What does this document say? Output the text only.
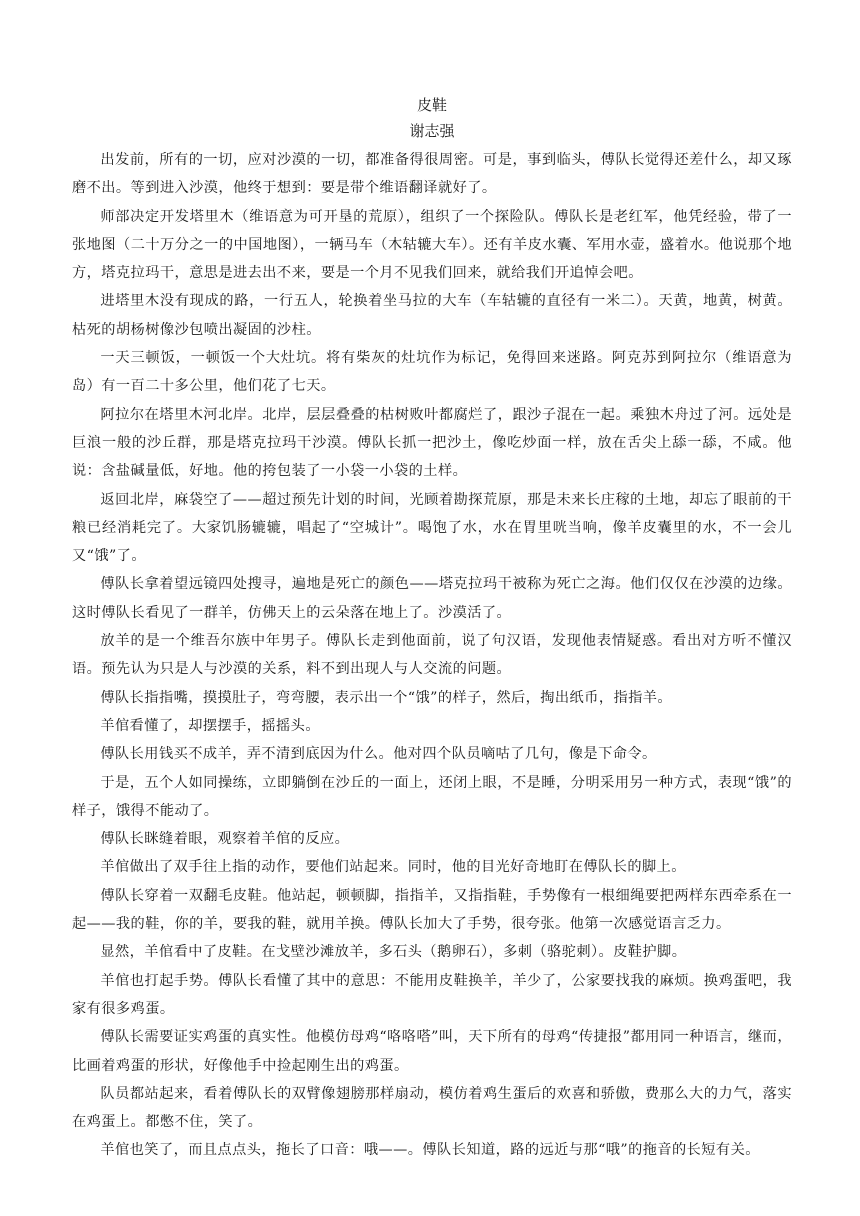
皮鞋
谢志强

出发前，所有的一切，应对沙漠的一切，都准备得很周密。可是，事到临头，傅队长觉得还差什么，却又琢磨不出。等到进入沙漠，他终于想到：要是带个维语翻译就好了。

师部决定开发塔里木（维语意为可开垦的荒原），组织了一个探险队。傅队长是老红军，他凭经验，带了一张地图（二十万分之一的中国地图），一辆马车（木轱辘大车）。还有羊皮水囊、军用水壶，盛着水。他说那个地方，塔克拉玛干，意思是进去出不来，要是一个月不见我们回来，就给我们开追悼会吧。

进塔里木没有现成的路，一行五人，轮换着坐马拉的大车（车轱辘的直径有一米二）。天黄，地黄，树黄。枯死的胡杨树像沙包喷出凝固的沙柱。

一天三顿饭，一顿饭一个大灶坑。将有柴灰的灶坑作为标记，免得回来迷路。阿克苏到阿拉尔（维语意为岛）有一百二十多公里，他们花了七天。

阿拉尔在塔里木河北岸。北岸，层层叠叠的枯树败叶都腐烂了，跟沙子混在一起。乘独木舟过了河。远处是巨浪一般的沙丘群，那是塔克拉玛干沙漠。傅队长抓一把沙土，像吃炒面一样，放在舌尖上舔一舔，不咸。他说：含盐碱量低，好地。他的挎包装了一小袋一小袋的土样。

返回北岸，麻袋空了——超过预先计划的时间，光顾着勘探荒原，那是未来长庄稼的土地，却忘了眼前的干粮已经消耗完了。大家饥肠辘辘，唱起了“空城计”。喝饱了水，水在胃里咣当响，像羊皮囊里的水，不一会儿又“饿”了。

傅队长拿着望远镜四处搜寻，遍地是死亡的颜色——塔克拉玛干被称为死亡之海。他们仅仅在沙漠的边缘。这时傅队长看见了一群羊，仿佛天上的云朵落在地上了。沙漠活了。

放羊的是一个维吾尔族中年男子。傅队长走到他面前，说了句汉语，发现他表情疑惑。看出对方听不懂汉语。预先认为只是人与沙漠的关系，料不到出现人与人交流的问题。

傅队长指指嘴，摸摸肚子，弯弯腰，表示出一个“饿”的样子，然后，掏出纸币，指指羊。

羊倌看懂了，却摆摆手，摇摇头。

傅队长用钱买不成羊，弄不清到底因为什么。他对四个队员嘀咕了几句，像是下命令。

于是，五个人如同操练，立即躺倒在沙丘的一面上，还闭上眼，不是睡，分明采用另一种方式，表现“饿”的样子，饿得不能动了。

傅队长眯缝着眼，观察着羊倌的反应。

羊倌做出了双手往上指的动作，要他们站起来。同时，他的目光好奇地盯在傅队长的脚上。

傅队长穿着一双翻毛皮鞋。他站起，顿顿脚，指指羊，又指指鞋，手势像有一根细绳要把两样东西牵系在一起——我的鞋，你的羊，要我的鞋，就用羊换。傅队长加大了手势，很夸张。他第一次感觉语言乏力。

显然，羊倌看中了皮鞋。在戈壁沙滩放羊，多石头（鹅卵石），多刺（骆驼刺）。皮鞋护脚。

羊倌也打起手势。傅队长看懂了其中的意思：不能用皮鞋换羊，羊少了，公家要找我的麻烦。换鸡蛋吧，我家有很多鸡蛋。

傅队长需要证实鸡蛋的真实性。他模仿母鸡“咯咯嗒”叫，天下所有的母鸡“传捷报”都用同一种语言，继而，比画着鸡蛋的形状，好像他手中捡起刚生出的鸡蛋。

队员都站起来，看着傅队长的双臂像翅膀那样扇动，模仿着鸡生蛋后的欢喜和骄傲，费那么大的力气，落实在鸡蛋上。都憋不住，笑了。

羊倌也笑了，而且点点头，拖长了口音：哦——。傅队长知道，路的远近与那“哦”的拖音的长短有关。
